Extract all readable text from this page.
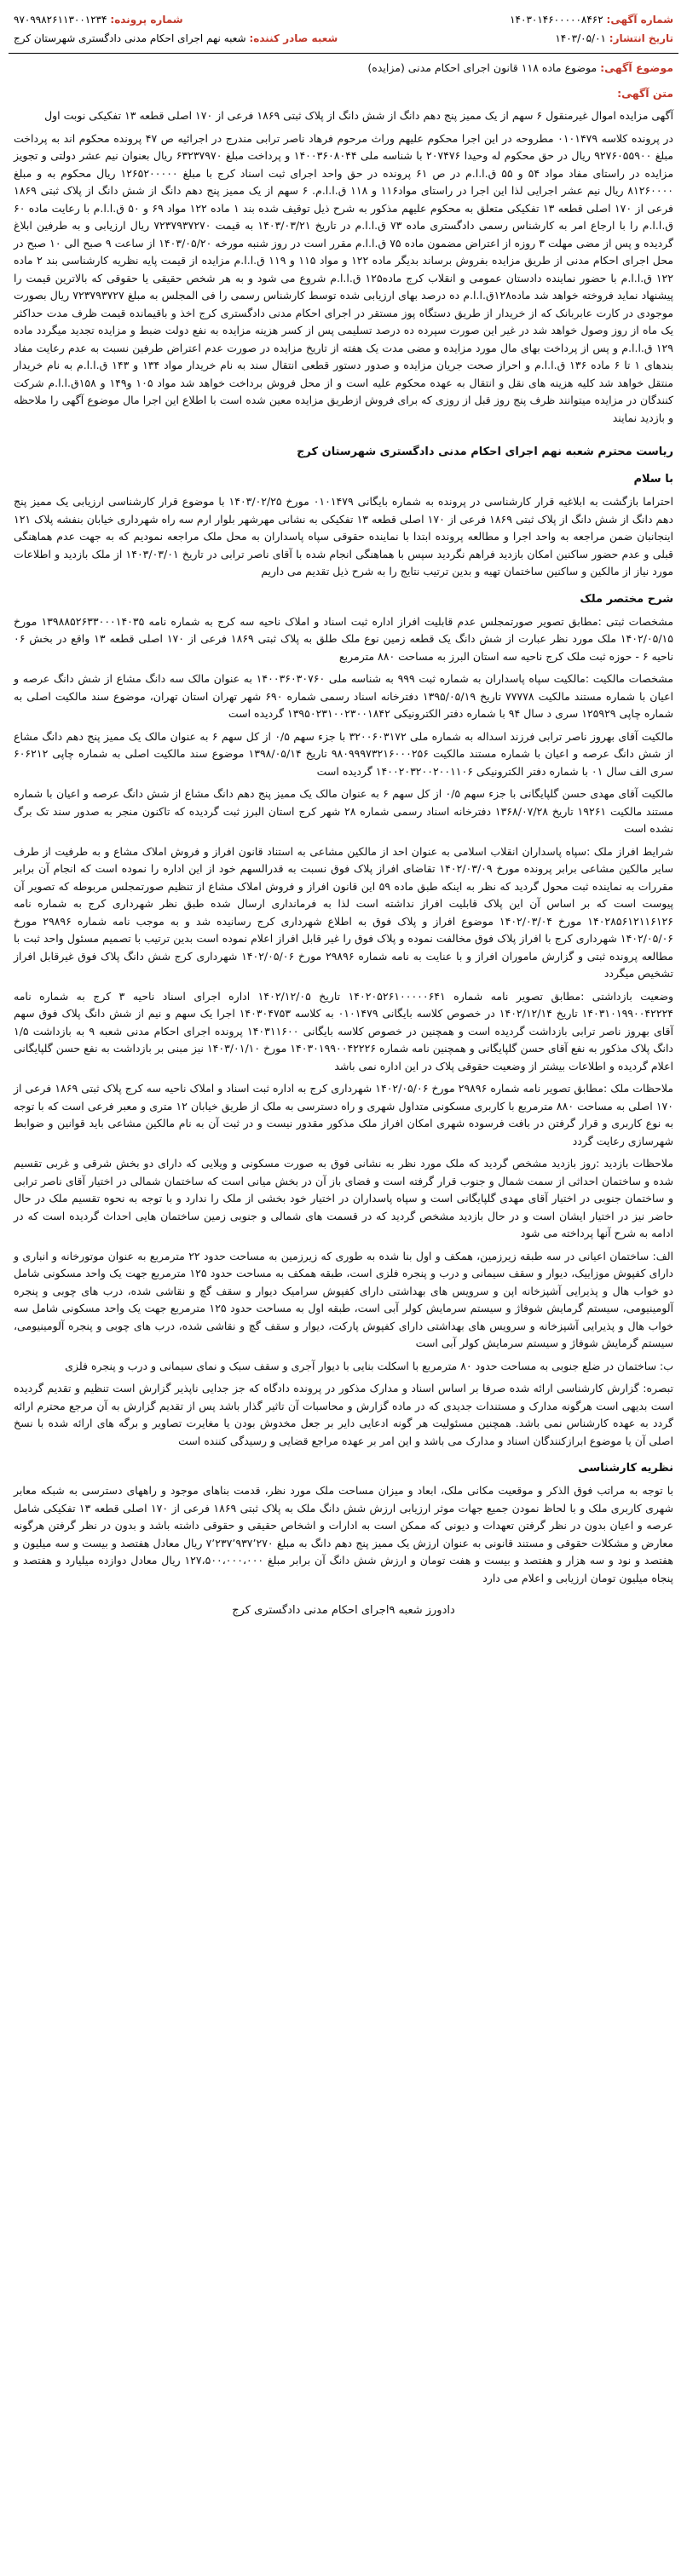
شماره آگهی: ۱۴۰۳۰۱۴۶۰۰۰۰۰۸۴۶۲
شماره پرونده: ۹۷۰۹۹۸۲۶۱۱۳۰۰۱۲۳۴
تاریخ انتشار: ۱۴۰۳/۰۵/۰۱
شعبه صادر کننده: شعبه نهم اجرای احکام مدنی دادگستری شهرستان کرج
موضوع آگهی: موضوع ماده ۱۱۸ قانون اجرای احکام مدنی (مزایده)
متن آگهی:

آگهی مزایده اموال غیرمنقول ۶ سهم از یک ممیز پنج دهم دانگ از شش دانگ از پلاک ثبتی ۱۸۶۹ فرعی از ۱۷۰ اصلی قطعه ۱۳ تفکیکی نوبت اول

در پرونده کلاسه ۰۱۰۱۴۷۹ مطروحه در این اجرا محکوم علیهم وراث مرحوم فرهاد ناصر ترابی مندرج در اجرائیه ص ۴۷ پرونده محکوم اند به پرداخت مبلغ ۹۲۷۶۰۵۵۹۰۰ ریال در حق محکوم له وحیدا ۲۰۷۴۷۶ با شناسه ملی ۱۴۰۰۳۶۰۸۰۴۴ و پرداخت مبلغ ۶۳۲۳۷۹۷۰ ریال بعنوان نیم عشر دولتی و تجویز مزایده در راستای مفاد مواد ۵۴ و ۵۵ ق.ا.ا.م در ص ۶۱ پرونده در حق واحد اجرای ثبت اسناد کرج با مبلغ ۱۲۶۵۲۰۰۰۰۰ ریال محکوم به و مبلغ ۸۱۲۶۰۰۰۰ ریال نیم عشر اجرایی لذا این اجرا در راستای مواد۱۱۶ و ۱۱۸ ق.ا.ا.م. ۶ سهم از یک ممیز پنج دهم دانگ از شش دانگ از پلاک ثبتی ۱۸۶۹ فرعی از ۱۷۰ اصلی قطعه ۱۳ تفکیکی متعلق به محکوم علیهم مذکور به شرح ذیل توقیف شده بند ۱ ماده ۱۲۲ مواد ۶۹ و ۵۰ ق.ا.ا.م با رعایت ماده ۶۰ ق.ا.ا.م را با ارجاع امر به کارشناس رسمی دادگستری ماده ۷۳ ق.ا.ا.م در تاریخ ۱۴۰۳/۰۳/۲۱ به قیمت ۷۲۳۷۹۳۷۲۷۰ ریال ارزیابی و به طرفین ابلاغ گردیده و پس از مضی مهلت ۳ روزه از اعتراض مضمون ماده ۷۵ ق.ا.ا.م مقرر است در روز شنبه مورخه ۱۴۰۳/۰۵/۲۰ از ساعت ۹ صبح الی ۱۰ صبح در محل اجرای احکام مدنی از طریق مزایده بفروش برساند بدیگر ماده ۱۲۲ و مواد ۱۱۵ و ۱۱۹ ق.ا.ا.م مزایده از قیمت پایه نظریه کارشناسی بند ۲ ماده ۱۲۲ ق.ا.ا.م با حضور نماینده دادستان عمومی و انقلاب کرج ماده۱۲۵ ق.ا.ا.م شروع می شود و به هر شخص حقیقی یا حقوقی که بالاترین قیمت را پیشنهاد نماید فروخته خواهد شد ماده۱۲۸ق.ا.ا.م ده درصد بهای ارزیابی شده توسط کارشناس رسمی را فی المجلس به مبلغ ۷۲۳۷۹۳۷۲۷ ریال بصورت موجودی در کارت عابربانک که از خریدار از طریق دستگاه پوز مستقر در اجرای احکام مدنی دادگستری کرج اخذ و باقیمانده قیمت ظرف مدت حداکثر یک ماه از روز وصول خواهد شد در غیر این صورت سپرده ده درصد تسلیمی پس از کسر هزینه مزایده به نفع دولت ضبط و مزایده تجدید میگردد ماده ۱۲۹ ق.ا.ا.م و پس از پرداخت بهای مال مورد مزایده و مضی مدت یک هفته از تاریخ مزایده در صورت عدم اعتراض طرفین نسبت به عدم رعایت مفاد بندهای ۱ تا ۶ ماده ۱۳۶ ق.ا.ا.م و احراز صحت جریان مزایده و صدور دستور قطعی انتقال سند به نام خریدار مواد ۱۳۴ و ۱۴۳ ق.ا.ا.م به نام خریدار منتقل خواهد شد کلیه هزینه های نقل و انتقال به عهده محکوم علیه است و از محل فروش برداخت خواهد شد مواد ۱۰۵ و۱۴۹ و ۱۵۸ق.ا.ا.م شرکت کنندگان در مزایده میتوانند ظرف پنج روز قبل از روزی که برای فروش ازطریق مزایده معین شده است با اطلاع این اجرا مال موضوع آگهی را ملاحظه و بازدید نمایند

ریاست محترم شعبه نهم اجرای احکام مدنی دادگستری شهرستان کرج
با سلام

احتراما بازگشت به ابلاغیه قرار کارشناسی در پرونده به شماره بایگانی ۰۱۰۱۴۷۹ مورخ ۱۴۰۳/۰۲/۲۵ با موضوع قرار کارشناسی ارزیابی یک ممیز پنج دهم دانگ از شش دانگ از پلاک ثبتی ۱۸۶۹ فرعی از ۱۷۰ اصلی قطعه ۱۳ تفکیکی به نشانی مهرشهر بلوار ارم سه راه شهرداری خیابان بنفشه پلاک ۱۲۱ اینجانبان ضمن مراجعه به واحد اجرا و مطالعه پرونده ابتدا با نماینده حقوقی سپاه پاسداران به محل ملک مراجعه نمودیم که به جهت عدم هماهنگی قبلی و عدم حضور ساکنین امکان بازدید فراهم نگردید سپس با هماهنگی انجام شده با آقای ناصر ترابی در تاریخ ۱۴۰۳/۰۳/۰۱ از ملک بازدید و اطلاعات مورد نیاز از مالکین و ساکنین ساختمان تهیه و بدین ترتیب نتایج را به شرح ذیل تقدیم می داریم

شرح مختصر ملک

مشخصات ثبتی :مطابق تصویر صورتمجلس عدم قابلیت افراز اداره ثبت اسناد و املاک ناحیه سه کرج به شماره نامه ۱۳۹۸۸۵۲۶۳۳۰۰۰۱۴۰۳۵ مورخ ۱۴۰۲/۰۵/۱۵ ملک مورد نظر عبارت از شش دانگ یک قطعه زمین نوع ملک طلق به پلاک ثبتی ۱۸۶۹ فرعی از ۱۷۰ اصلی قطعه ۱۳ واقع در بخش ۰۶ ناحیه ۶ - حوزه ثبت ملک کرج ناحیه سه استان البرز به مساحت ۸۸۰ مترمربع

مشخصات مالکیت :مالکیت سپاه پاسداران به شماره ثبت ۹۹۹ به شناسه ملی ۱۴۰۰۳۶۰۳۰۷۶۰ به عنوان مالک سه دانگ مشاع از شش دانگ عرصه و اعیان با شماره مستند مالکیت ۷۷۷۷۸ تاریخ ۱۳۹۵/۰۵/۱۹ دفترخانه اسناد رسمی شماره ۶۹۰ شهر تهران استان تهران، موضوع سند مالکیت اصلی به شماره چاپی ۱۲۵۹۲۹ سری د سال ۹۴ با شماره دفتر الکترونیکی ۱۳۹۵۰۲۳۱۰۰۲۳۰۰۱۸۴۲ گردیده است

مالکیت آقای بهروز ناصر ترابی فرزند اسداله به شماره ملی ۳۲۰۰۶۰۳۱۷۲ با جزء سهم ۰/۵ از کل سهم ۶ به عنوان مالک یک ممیز پنج دهم دانگ مشاع از شش دانگ عرصه و اعیان با شماره مستند مالکیت ۹۸۰۹۹۹۷۳۲۱۶۰۰۰۲۵۶ تاریخ ۱۳۹۸/۰۵/۱۴ موضوع سند مالکیت اصلی به شماره چاپی ۶۰۶۲۱۲ سری الف سال ۰۱ با شماره دفتر الکترونیکی ۱۴۰۰۲۰۳۲۰۰۲۰۰۱۱۰۶ گردیده است

مالکیت آقای مهدی حسن گلپایگانی با جزء سهم ۰/۵ از کل سهم ۶ به عنوان مالک یک ممیز پنج دهم دانگ مشاع از شش دانگ عرصه و اعیان با شماره مستند مالکیت ۱۹۲۶۱ تاریخ ۱۳۶۸/۰۷/۲۸ دفترخانه اسناد رسمی شماره ۲۸ شهر کرج استان البرز ثبت گردیده که تاکنون منجر به صدور سند تک برگ نشده است

شرایط افراز ملک :سپاه پاسداران انقلاب اسلامی به عنوان احد از مالکین مشاعی به استناد قانون افراز و فروش املاک مشاع و به طرفیت از طرف سایر مالکین مشاعی برابر پرونده مورخ ۱۴۰۲/۰۳/۰۹ تقاضای افراز پلاک فوق نسبت به قدرالسهم خود از این اداره را نموده است که انجام آن برابر مقررات به نماینده ثبت محول گردید که نظر به اینکه طبق ماده ۵۹ این قانون افراز و فروش املاک مشاع از تنظیم صورتمجلس مربوطه که تصویر آن پیوست است که بر اساس آن این پلاک قابلیت افراز نداشته است لذا به فرمانداری ارسال شده طبق نظر شهرداری کرج به شماره نامه ۱۴۰۲۸۵۶۱۲۱۱۶۱۲۶ مورخ ۱۴۰۲/۰۳/۰۴ موضوع افراز و پلاک فوق به اطلاع شهرداری کرج رسانیده شد و به موجب نامه شماره ۲۹۸۹۶ مورخ ۱۴۰۲/۰۵/۰۶ شهرداری کرج با افراز پلاک فوق مخالفت نموده و پلاک فوق را غیر قابل افراز اعلام نموده است بدین ترتیب با تصمیم مسئول واحد ثبت با مطالعه پرونده ثبتی و گزارش ماموران افراز و با عنایت به نامه شماره ۲۹۸۹۶ مورخ ۱۴۰۲/۰۵/۰۶ شهرداری کرج شش دانگ پلاک فوق غیرقابل افراز تشخیص میگردد

وضعیت بازداشتی :مطابق تصویر نامه شماره ۱۴۰۲۰۵۲۶۱۰۰۰۰۰۶۴۱ تاریخ ۱۴۰۲/۱۲/۰۵ اداره اجرای اسناد ناحیه ۳ کرج به شماره نامه ۱۴۰۳۱۰۱۹۹۰۰۴۲۲۲۴ تاریخ ۱۴۰۲/۱۲/۱۴ در خصوص کلاسه بایگانی ۰۱۰۱۴۷۹ به کلاسه ۱۴۰۳۰۴۷۵۳ اجرا یک سهم و نیم از شش دانگ پلاک فوق سهم آقای بهروز ناصر ترابی بازداشت گردیده است و همچنین در خصوص کلاسه بایگانی ۱۴۰۳۱۱۶۰۰ پرونده اجرای احکام مدنی شعبه ۹ به بازداشت ۱/۵ دانگ پلاک مذکور به نفع آقای حسن گلپایگانی و همچنین نامه شماره ۱۴۰۳۰۱۹۹۰۰۴۲۲۲۶ مورخ ۱۴۰۳/۰۱/۱۰ نیز مبنی بر بازداشت به نفع حسن گلپایگانی اعلام گردیده و اطلاعات بیشتر از وضعیت حقوقی پلاک در این اداره نمی باشد

ملاحظات ملک :مطابق تصویر نامه شماره ۲۹۸۹۶ مورخ ۱۴۰۲/۰۵/۰۶ شهرداری کرج به اداره ثبت اسناد و املاک ناحیه سه کرج پلاک ثبتی ۱۸۶۹ فرعی از ۱۷۰ اصلی به مساحت ۸۸۰ مترمربع با کاربری مسکونی متداول شهری و راه دسترسی به ملک از طریق خیابان ۱۲ متری و معبر فرعی است که با توجه به نوع کاربری و قرار گرفتن در بافت فرسوده شهری امکان افراز ملک مذکور مقدور نیست و در ثبت آن به نام مالکین مشاعی باید قوانین و ضوابط شهرسازی رعایت گردد

ملاحظات بازدید :روز بازدید مشخص گردید که ملک مورد نظر به نشانی فوق به صورت مسکونی و ویلایی که دارای دو بخش شرقی و غربی تقسیم شده و ساختمان احداثی از سمت شمال و جنوب قرار گرفته است و فضای باز آن در بخش میانی است که ساختمان شمالی در اختیار آقای ناصر ترابی و ساختمان جنوبی در اختیار آقای مهدی گلپایگانی است و سپاه پاسداران در اختیار خود بخشی از ملک را ندارد و با توجه به نحوه تقسیم ملک در حال حاضر نیز در اختیار ایشان است و در حال بازدید مشخص گردید که در قسمت های شمالی و جنوبی زمین ساختمان هایی احداث گردیده است که در ادامه به شرح آنها پرداخته می شود

الف: ساختمان اعیانی در سه طبقه زیرزمین، همکف و اول بنا شده به طوری که زیرزمین به مساحت حدود ۲۲ مترمربع به عنوان موتورخانه و انباری و دارای کفپوش موزاییک، دیوار و سقف سیمانی و درب و پنجره فلزی است، طبقه همکف به مساحت حدود ۱۲۵ مترمربع جهت یک واحد مسکونی شامل دو خواب هال و پذیرایی آشپزخانه اپن و سرویس های بهداشتی دارای کفپوش سرامیک دیوار و سقف گچ و نقاشی شده، درب های چوبی و پنجره آلومینیومی، سیستم گرمایش شوفاژ و سیستم سرمایش کولر آبی است، طبقه اول به مساحت حدود ۱۲۵ مترمربع جهت یک واحد مسکونی شامل سه خواب هال و پذیرایی آشپزخانه و سرویس های بهداشتی دارای کفپوش پارکت، دیوار و سقف گچ و نقاشی شده، درب های چوبی و پنجره آلومینیومی، سیستم گرمایش شوفاژ و سیستم سرمایش کولر آبی است

ب: ساختمان در ضلع جنوبی به مساحت حدود ۸۰ مترمربع با اسکلت بنایی با دیوار آجری و سقف سبک و نمای سیمانی و درب و پنجره فلزی

تبصره: گزارش کارشناسی ارائه شده صرفا بر اساس اسناد و مدارک مذکور در پرونده دادگاه که جز جدایی ناپذیر گزارش است تنظیم و تقدیم گردیده است بدیهی است هرگونه مدارک و مستندات جدیدی که در ماده گزارش و محاسبات آن تاثیر گذار باشد پس از تقدیم گزارش به آن مرجع محترم ارائه گردد به عهده کارشناس نمی باشد. همچنین مسئولیت هر گونه ادعایی دایر بر جعل مخدوش بودن یا مغایرت تصاویر و برگه های ارائه شده با نسخ اصلی آن یا موضوع ابرازکنندگان اسناد و مدارک می باشد و این امر بر عهده مراجع قضایی و رسیدگی کننده است

نظریه کارشناسی

با توجه به مراتب فوق الذکر و موقعیت مکانی ملک، ابعاد و میزان مساحت ملک مورد نظر، قدمت بناهای موجود و راههای دسترسی به شبکه معابر شهری کاربری ملک و با لحاظ نمودن جمیع جهات موثر ارزیابی ارزش شش دانگ ملک به پلاک ثبتی ۱۸۶۹ فرعی از ۱۷۰ اصلی قطعه ۱۳ تفکیکی شامل عرصه و اعیان بدون در نظر گرفتن تعهدات و دیونی که ممکن است به ادارات و اشخاص حقیقی و حقوقی داشته باشد و بدون در نظر گرفتن هرگونه معارض و مشکلات حقوقی و مستند قانونی به عنوان ارزش یک ممیز پنج دهم دانگ به مبلغ ۷٬۲۳۷٬۹۳۷٬۲۷۰ ریال معادل هفتصد و بیست و سه میلیون و هفتصد و نود و سه هزار و هفتصد و بیست و هفت تومان و ارزش شش دانگ آن برابر مبلغ ۱۲۷،۵۰۰،۰۰۰،۰۰۰ ریال معادل دوازده میلیارد و هفتصد و پنجاه میلیون تومان ارزیابی و اعلام می دارد

دادورز شعبه ۹اجرای احکام مدنی دادگستری کرج
